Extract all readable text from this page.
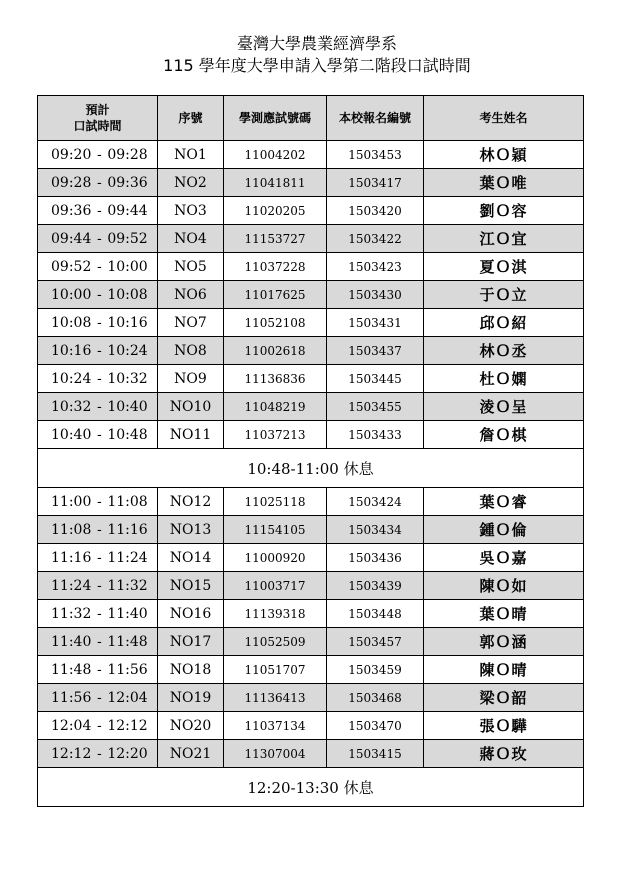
臺灣大學農業經濟學系
115 學年度大學申請入學第二階段口試時間
預計
口試時間	序號	學測應試號碼	本校報名編號	考生姓名
09:20 - 09:28	NO1	11004202	1503453	林Ｏ穎
09:28 - 09:36	NO2	11041811	1503417	葉Ｏ唯
09:36 - 09:44	NO3	11020205	1503420	劉Ｏ容
09:44 - 09:52	NO4	11153727	1503422	江Ｏ宜
09:52 - 10:00	NO5	11037228	1503423	夏Ｏ淇
10:00 - 10:08	NO6	11017625	1503430	于Ｏ立
10:08 - 10:16	NO7	11052108	1503431	邱Ｏ紹
10:16 - 10:24	NO8	11002618	1503437	林Ｏ丞
10:24 - 10:32	NO9	11136836	1503445	杜Ｏ嫻
10:32 - 10:40	NO10	11048219	1503455	淩Ｏ呈
10:40 - 10:48	NO11	11037213	1503433	詹Ｏ棋
10:48-11:00 休息				
11:00 - 11:08	NO12	11025118	1503424	葉Ｏ睿
11:08 - 11:16	NO13	11154105	1503434	鍾Ｏ倫
11:16 - 11:24	NO14	11000920	1503436	吳Ｏ嘉
11:24 - 11:32	NO15	11003717	1503439	陳Ｏ如
11:32 - 11:40	NO16	11139318	1503448	葉Ｏ晴
11:40 - 11:48	NO17	11052509	1503457	郭Ｏ涵
11:48 - 11:56	NO18	11051707	1503459	陳Ｏ晴
11:56 - 12:04	NO19	11136413	1503468	梁Ｏ韶
12:04 - 12:12	NO20	11037134	1503470	張Ｏ驊
12:12 - 12:20	NO21	11307004	1503415	蔣Ｏ玫
12:20-13:30 休息				
